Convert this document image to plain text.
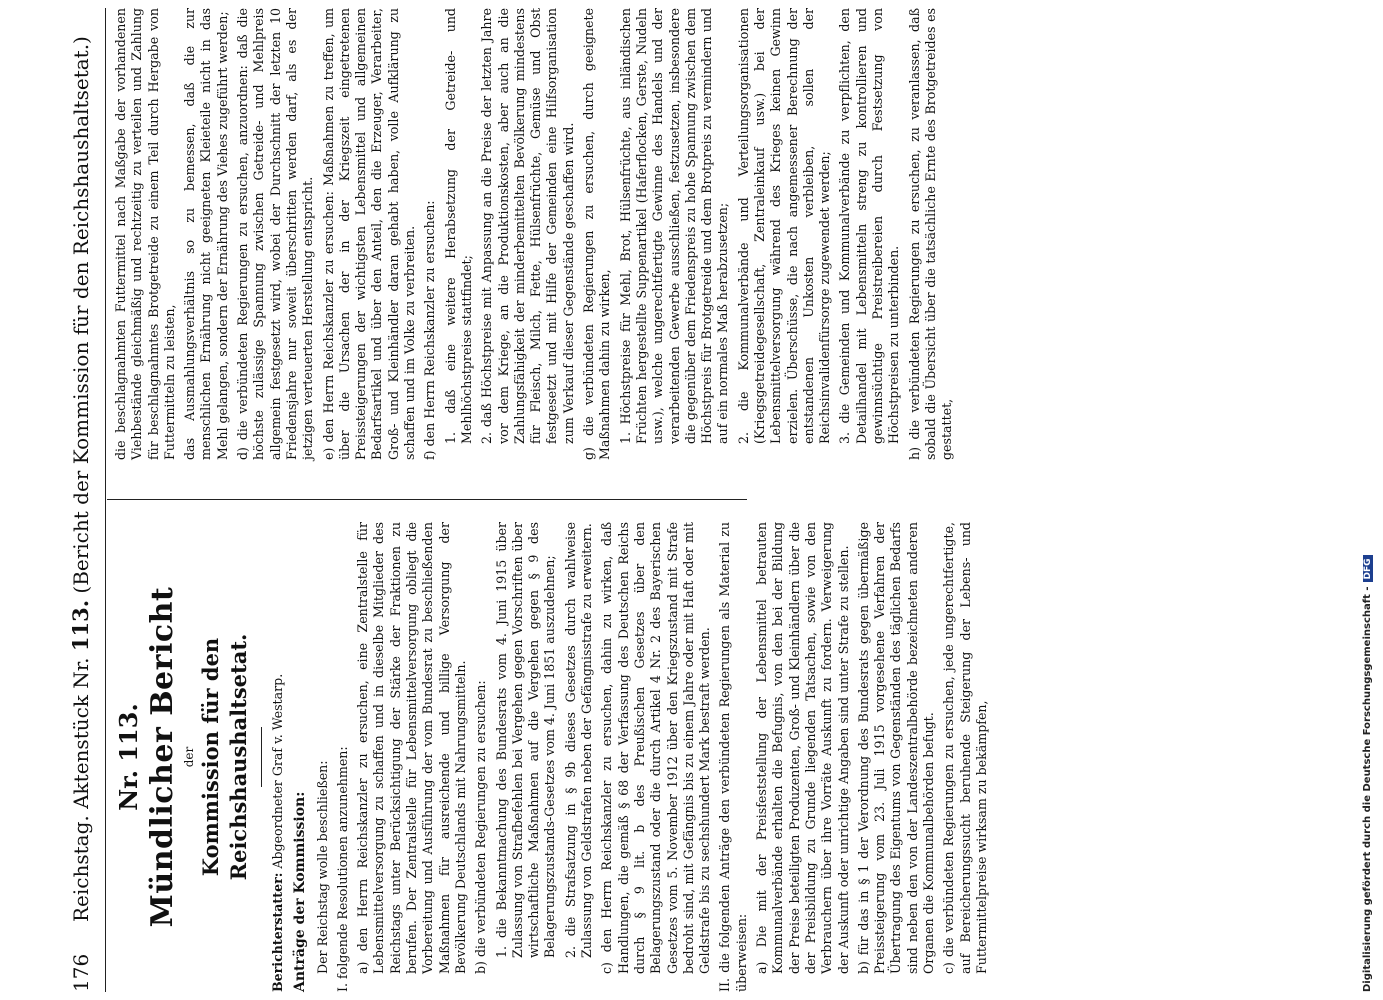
176
Reichstag. Aktenstück Nr. 113. (Bericht der Kommission für den Reichshaushaltsetat.)
Nr. 113. Mündlicher Bericht der Kommission für den Reichshaushaltsetat.

Berichterstatter: Abgeordneter Graf v. Westarp.

Anträge der Kommission: Der Reichstag wolle beschließen: I. folgende Resolutionen anzunehmen: a) den Herrn Reichskanzler zu ersuchen, eine Zentralstelle für Lebensmittelversorgung zu schaffen und in dieselbe Mitglieder des Reichstags unter Berücksichtigung der Stärke der Fraktionen zu berufen. Der Zentralstelle für Lebensmittelversorgung obliegt die Vorbereitung und Ausführung der vom Bundesrat zu beschließenden Maßnahmen für ausreichende und billige Versorgung der Bevölkerung Deutschlands mit Nahrungsmitteln. b) die verbündeten Regierungen zu ersuchen: 1. die Bekanntmachung des Bundesrats vom 4. Juni 1915 über Zulassung von Strafbefehlen bei Vergehen gegen Vorschriften über wirtschaftliche Maßnahmen auf die Vergehen gegen § 9 des Belagerungszustands-Gesetzes vom 4. Juni 1851 auszudehnen; 2. die Strafsatzung in § 9b dieses Gesetzes durch wahlweise Zulassung von Geldstrafen neben der Gefängnisstrafe zu erweitern. c) den Herrn Reichskanzler zu ersuchen, dahin zu wirken, daß Handlungen, die gemäß § 68 der Verfassung des Deutschen Reichs durch § 9 lit. b des Preußischen Gesetzes über den Belagerungszustand oder die durch Artikel 4 Nr. 2 des Bayerischen Gesetzes vom 5. November 1912 über den Kriegszustand mit Strafe bedroht sind, mit Gefängnis bis zu einem Jahre oder mit Haft oder mit Geldstrafe bis zu sechshundert Mark bestraft werden. II. die folgenden Anträge den verbündeten Regierungen als Material zu überweisen: a) Die mit der Preisfeststellung der Lebensmittel betrauten Kommunalverbände erhalten die Befugnis, von den bei der Bildung der Preise beteiligten Produzenten, Groß- und Kleinhändlern über die der Preisbildung zu Grunde liegenden Tatsachen, sowie von den Verbrauchern über ihre Vorräte Auskunft zu fordern. Verweigerung der Auskunft oder unrichtige Angaben sind unter Strafe zu stellen. b) für das in § 1 der Verordnung des Bundesrats gegen übermäßige Preissteigerung vom 23. Juli 1915 vorgesehene Verfahren der Übertragung des Eigentums von Gegenständen des täglichen Bedarfs sind neben den von der Landeszentralbehörde bezeichneten anderen Organen die Kommunalbehörden befugt. c) die verbündeten Regierungen zu ersuchen, jede ungerechtfertigte, auf Bereicherungssucht beruhende Steigerung der Lebens- und Futtermittelpreise wirksam zu bekämpfen,

die beschlagnahmten Futtermittel nach Maßgabe der vorhandenen Viehbestände gleichmäßig und rechtzeitig zu verteilen und Zahlung für beschlagnahmtes Brotgetreide zu einem Teil durch Hergabe von Futtermitteln zu leisten, das Ausmahlungsverhältnis so zu bemessen, daß die zur menschlichen Ernährung nicht geeigneten Kleieteile nicht in das Mehl gelangen, sondern der Ernährung des Viehes zugeführt werden; d) die verbündeten Regierungen zu ersuchen, anzuordnen: daß die höchste zulässige Spannung zwischen Getreide- und Mehlpreis allgemein festgesetzt wird, wobei der Durchschnitt der letzten 10 Friedensjahre nur soweit überschritten werden darf, als es der jetzigen verteuerten Herstellung entspricht. e) den Herrn Reichskanzler zu ersuchen: Maßnahmen zu treffen, um über die Ursachen der in der Kriegszeit eingetretenen Preissteigerungen der wichtigsten Lebensmittel und allgemeinen Bedarfsartikel und über den Anteil, den die Erzeuger, Verarbeiter, Groß- und Kleinhändler daran gehabt haben, volle Aufklärung zu schaffen und im Volke zu verbreiten. f) den Herrn Reichskanzler zu ersuchen: 1. daß eine weitere Herabsetzung der Getreide- und Mehlhöchstpreise stattfindet; 2. daß Höchstpreise mit Anpassung an die Preise der letzten Jahre vor dem Kriege, an die Produktionskosten, aber auch an die Zahlungsfähigkeit der minderbemittelten Bevölkerung mindestens für Fleisch, Milch, Fette, Hülsenfrüchte, Gemüse und Obst festgesetzt und mit Hilfe der Gemeinden eine Hilfsorganisation zum Verkauf dieser Gegenstände geschaffen wird. g) die verbündeten Regierungen zu ersuchen, durch geeignete Maßnahmen dahin zu wirken, 1. Höchstpreise für Mehl, Brot, Hülsenfrüchte, aus inländischen Früchten hergestellte Suppenartikel (Haferflocken, Gerste, Nudeln usw.), welche ungerechtfertigte Gewinne des Handels und der verarbeitenden Gewerbe ausschließen, festzusetzen, insbesondere die gegenüber dem Friedenspreis zu hohe Spannung zwischen dem Höchstpreis für Brotgetreide und dem Brotpreis zu vermindern und auf ein normales Maß herabzusetzen; 2. die Kommunalverbände und Verteilungsorganisationen (Kriegsgetreidegesellschaft, Zentraleinkauf usw.) bei der Lebensmittelversorgung während des Krieges keinen Gewinn erzielen. Überschüsse, die nach angemessener Berechnung der entstandenen Unkosten verbleiben, sollen der Reichsinvalidenfürsorge zugewendet werden; 3. die Gemeinden und Kommunalverbände zu verpflichten, den Detailhandel mit Lebensmitteln streng zu kontrollieren und gewinnsüchtige Preistreibereien durch Festsetzung von Höchstpreisen zu unterbinden. h) die verbündeten Regierungen zu ersuchen, zu veranlassen, daß sobald die Übersicht über die tatsächliche Ernte des Brotgetreides es gestattet,

Digitalisierung gefördert durch die Deutsche Forschungsgemeinschaft -DFG
